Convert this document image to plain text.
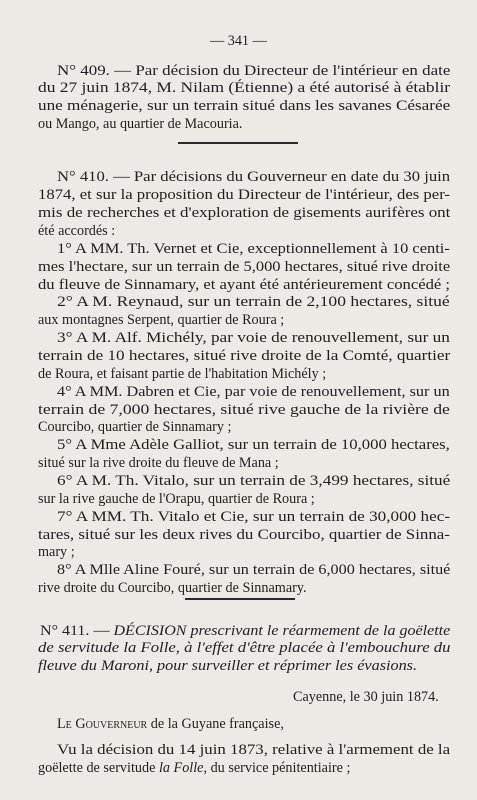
— 341 —
N° 409. — Par décision du Directeur de l'intérieur en date
du 27 juin 1874, M. Nilam (Étienne) a été autorisé à établir
une ménagerie, sur un terrain situé dans les savanes Césarée
ou Mango, au quartier de Macouria.
N° 410. — Par décisions du Gouverneur en date du 30 juin
1874, et sur la proposition du Directeur de l'intérieur, des per-
mis de recherches et d'exploration de gisements aurifères ont
été accordés :
1° A MM. Th. Vernet et Cie, exceptionnellement à 10 centi-
mes l'hectare, sur un terrain de 5,000 hectares, situé rive droite
du fleuve de Sinnamary, et ayant été antérieurement concédé ;
2° A M. Reynaud, sur un terrain de 2,100 hectares, situé
aux montagnes Serpent, quartier de Roura ;
3° A M. Alf. Michély, par voie de renouvellement, sur un
terrain de 10 hectares, situé rive droite de la Comté, quartier
de Roura, et faisant partie de l'habitation Michély ;
4° A MM. Dabren et Cie, par voie de renouvellement, sur un
terrain de 7,000 hectares, situé rive gauche de la rivière de
Courcibo, quartier de Sinnamary ;
5° A Mme Adèle Galliot, sur un terrain de 10,000 hectares,
situé sur la rive droite du fleuve de Mana ;
6° A M. Th. Vitalo, sur un terrain de 3,499 hectares, situé
sur la rive gauche de l'Orapu, quartier de Roura ;
7° A MM. Th. Vitalo et Cie, sur un terrain de 30,000 hec-
tares, situé sur les deux rives du Courcibo, quartier de Sinna-
mary ;
8° A Mlle Aline Fouré, sur un terrain de 6,000 hectares, situé
rive droite du Courcibo, quartier de Sinnamary.
N° 411. — DÉCISION prescrivant le réarmement de la goëlette
de servitude la Folle, à l'effet d'être placée à l'embouchure du
fleuve du Maroni, pour surveiller et réprimer les évasions.
Cayenne, le 30 juin 1874.
Le Gouverneur de la Guyane française,
Vu la décision du 14 juin 1873, relative à l'armement de la
goëlette de servitude la Folle, du service pénitentiaire ;
